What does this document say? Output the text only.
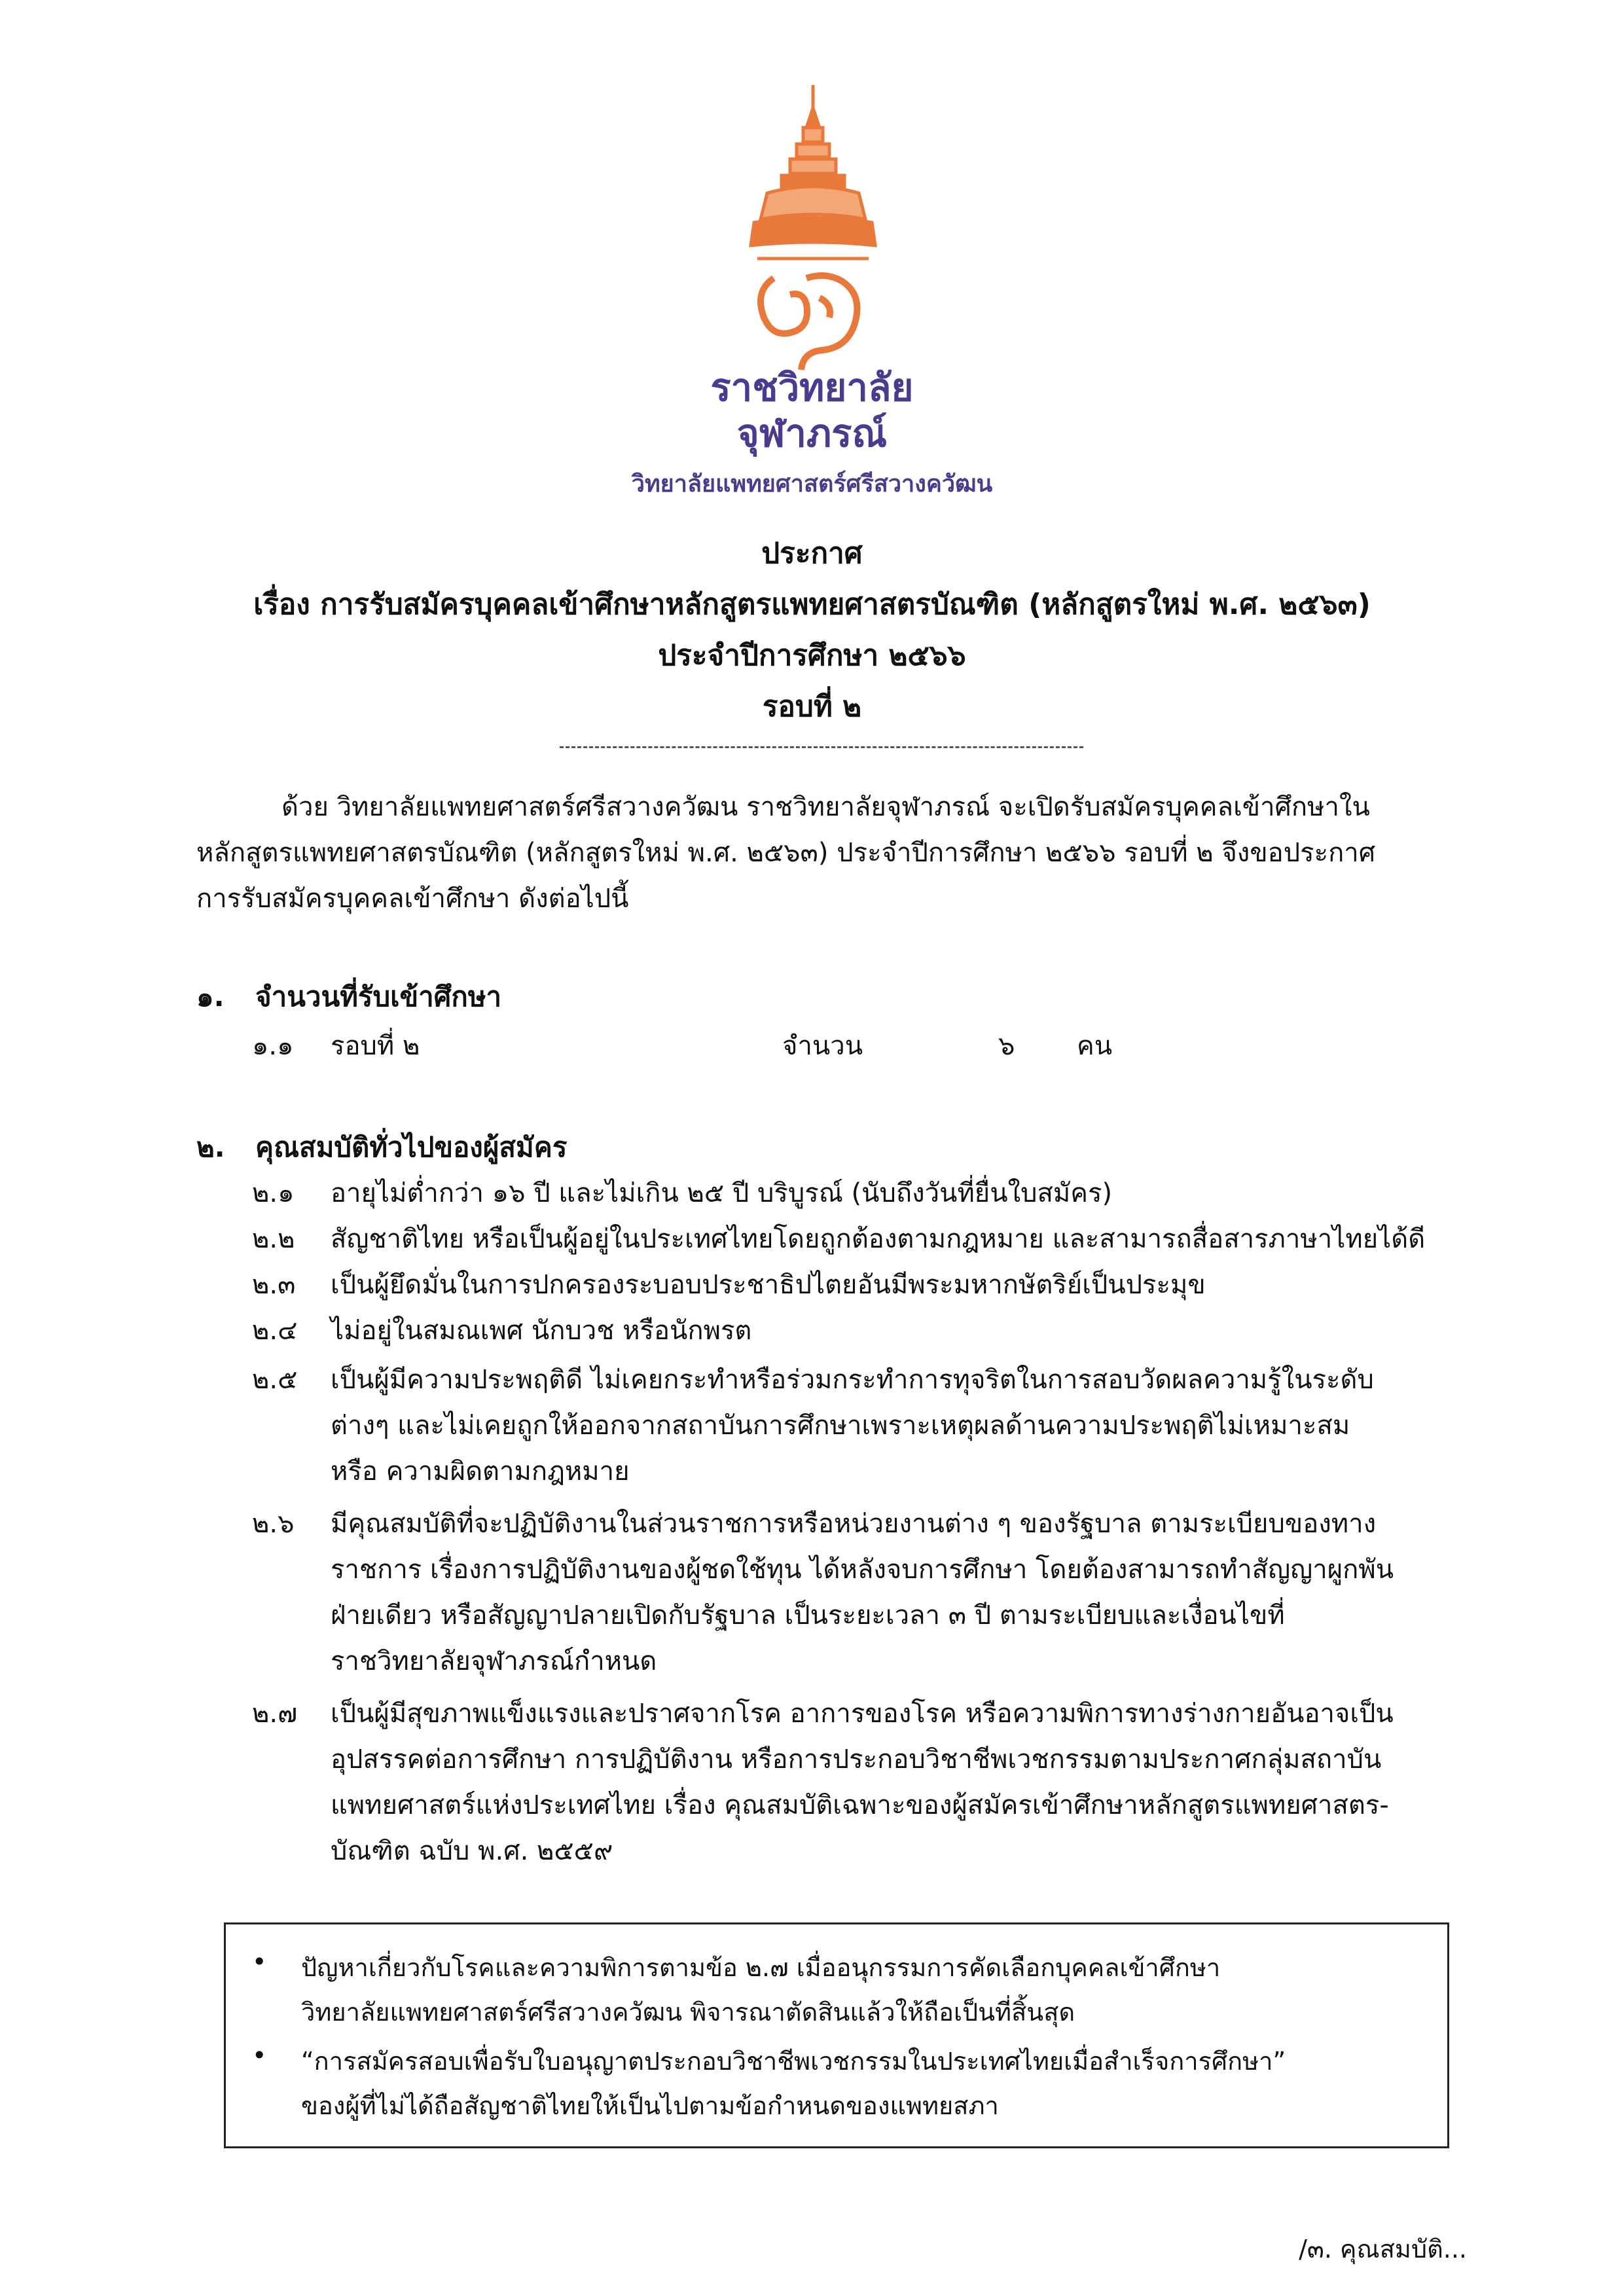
ราชวิทยาลัย
จุฬาภรณ์
วิทยาลัยแพทยศาสตร์ศรีสวางควัฒน
ประกาศ
เรื่อง การรับสมัครบุคคลเข้าศึกษาหลักสูตรแพทยศาสตรบัณฑิต (หลักสูตรใหม่ พ.ศ. ๒๕๖๓)
ประจำปีการศึกษา ๒๕๖๖
รอบที่ ๒
ด้วย วิทยาลัยแพทยศาสตร์ศรีสวางควัฒน ราชวิทยาลัยจุฬาภรณ์ จะเปิดรับสมัครบุคคลเข้าศึกษาใน
หลักสูตรแพทยศาสตรบัณฑิต (หลักสูตรใหม่ พ.ศ. ๒๕๖๓) ประจำปีการศึกษา ๒๕๖๖ รอบที่ ๒ จึงขอประกาศ
การรับสมัครบุคคลเข้าศึกษา ดังต่อไปนี้
๑. จำนวนที่รับเข้าศึกษา
๑.๑ รอบที่ ๒	จำนวน	๖ คน
๒. คุณสมบัติทั่วไปของผู้สมัคร
๒.๑ อายุไม่ต่ำกว่า ๑๖ ปี และไม่เกิน ๒๕ ปี บริบูรณ์ (นับถึงวันที่ยื่นใบสมัคร)
๒.๒ สัญชาติไทย หรือเป็นผู้อยู่ในประเทศไทยโดยถูกต้องตามกฎหมาย และสามารถสื่อสารภาษาไทยได้ดี
๒.๓ เป็นผู้ยึดมั่นในการปกครองระบอบประชาธิปไตยอันมีพระมหากษัตริย์เป็นประมุข
๒.๔ ไม่อยู่ในสมณเพศ นักบวช หรือนักพรต
๒.๕ เป็นผู้มีความประพฤติดี ไม่เคยกระทำหรือร่วมกระทำการทุจริตในการสอบวัดผลความรู้ในระดับ
ต่างๆ และไม่เคยถูกให้ออกจากสถาบันการศึกษาเพราะเหตุผลด้านความประพฤติไม่เหมาะสม
หรือ ความผิดตามกฎหมาย
๒.๖ มีคุณสมบัติที่จะปฏิบัติงานในส่วนราชการหรือหน่วยงานต่าง ๆ ของรัฐบาล ตามระเบียบของทาง
ราชการ เรื่องการปฏิบัติงานของผู้ชดใช้ทุน ได้หลังจบการศึกษา โดยต้องสามารถทำสัญญาผูกพัน
ฝ่ายเดียว หรือสัญญาปลายเปิดกับรัฐบาล เป็นระยะเวลา ๓ ปี ตามระเบียบและเงื่อนไขที่
ราชวิทยาลัยจุฬาภรณ์กำหนด
๒.๗ เป็นผู้มีสุขภาพแข็งแรงและปราศจากโรค อาการของโรค หรือความพิการทางร่างกายอันอาจเป็น
อุปสรรคต่อการศึกษา การปฏิบัติงาน หรือการประกอบวิชาชีพเวชกรรมตามประกาศกลุ่มสถาบัน
แพทยศาสตร์แห่งประเทศไทย เรื่อง คุณสมบัติเฉพาะของผู้สมัครเข้าศึกษาหลักสูตรแพทยศาสตร-
บัณฑิต ฉบับ พ.ศ. ๒๕๕๙
• ปัญหาเกี่ยวกับโรคและความพิการตามข้อ ๒.๗ เมื่ออนุกรรมการคัดเลือกบุคคลเข้าศึกษา
วิทยาลัยแพทยศาสตร์ศรีสวางควัฒน พิจารณาตัดสินแล้วให้ถือเป็นที่สิ้นสุด
• “การสมัครสอบเพื่อรับใบอนุญาตประกอบวิชาชีพเวชกรรมในประเทศไทยเมื่อสำเร็จการศึกษา”
ของผู้ที่ไม่ได้ถือสัญชาติไทยให้เป็นไปตามข้อกำหนดของแพทยสภา
/๓. คุณสมบัติ...
